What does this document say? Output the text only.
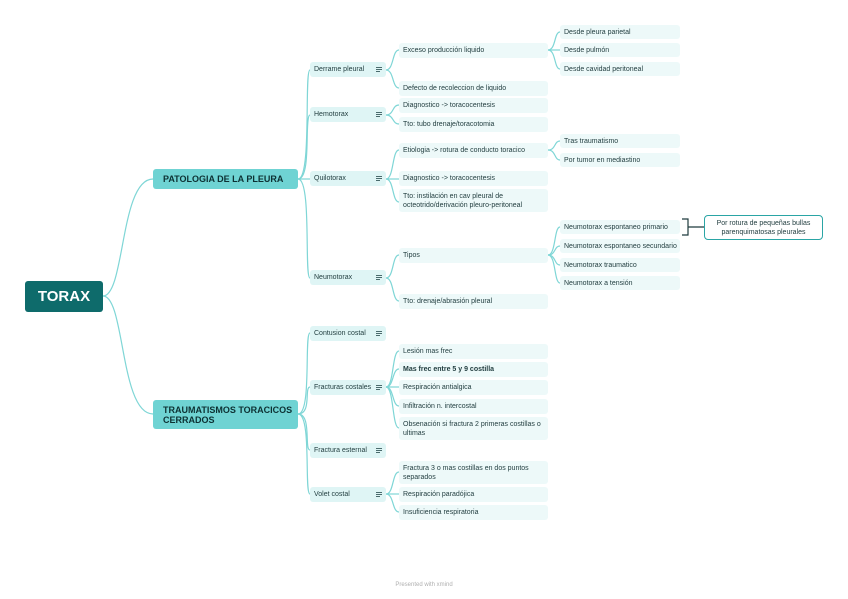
TORAX
PATOLOGIA DE LA PLEURA
TRAUMATISMOS TORACICOS CERRADOS
Derrame pleural
Hemotorax
Quilotorax
Neumotorax
Contusion costal
Fracturas costales
Fractura esternal
Volet costal
Exceso producción liquido
Defecto de recoleccion de liquido
Diagnostico -> toracocentesis
Tto: tubo drenaje/toracotomia
Etiologia -> rotura de conducto toracico
Diagnostico -> toracocentesis
Tto: instilación en cav pleural de octeotrido/derivación pleuro-peritoneal
Tipos
Tto: drenaje/abrasión pleural
Lesión mas frec
Mas frec entre 5 y 9 costilla
Respiración antialgica
Infiltración n. intercostal
Obsenación si fractura 2 primeras costillas o ultimas
Fractura 3 o mas costillas en dos puntos separados
Respiración paradójica
Insuficiencia respiratoria
Desde pleura parietal
Desde pulmón
Desde cavidad peritoneal
Tras traumatismo
Por tumor en mediastino
Neumotorax espontaneo primario
Neumotorax espontaneo secundario
Neumotorax traumatico
Neumotorax a tensión
Por rotura de pequeñas bullas parenquimatosas pleurales
Presented with xmind
